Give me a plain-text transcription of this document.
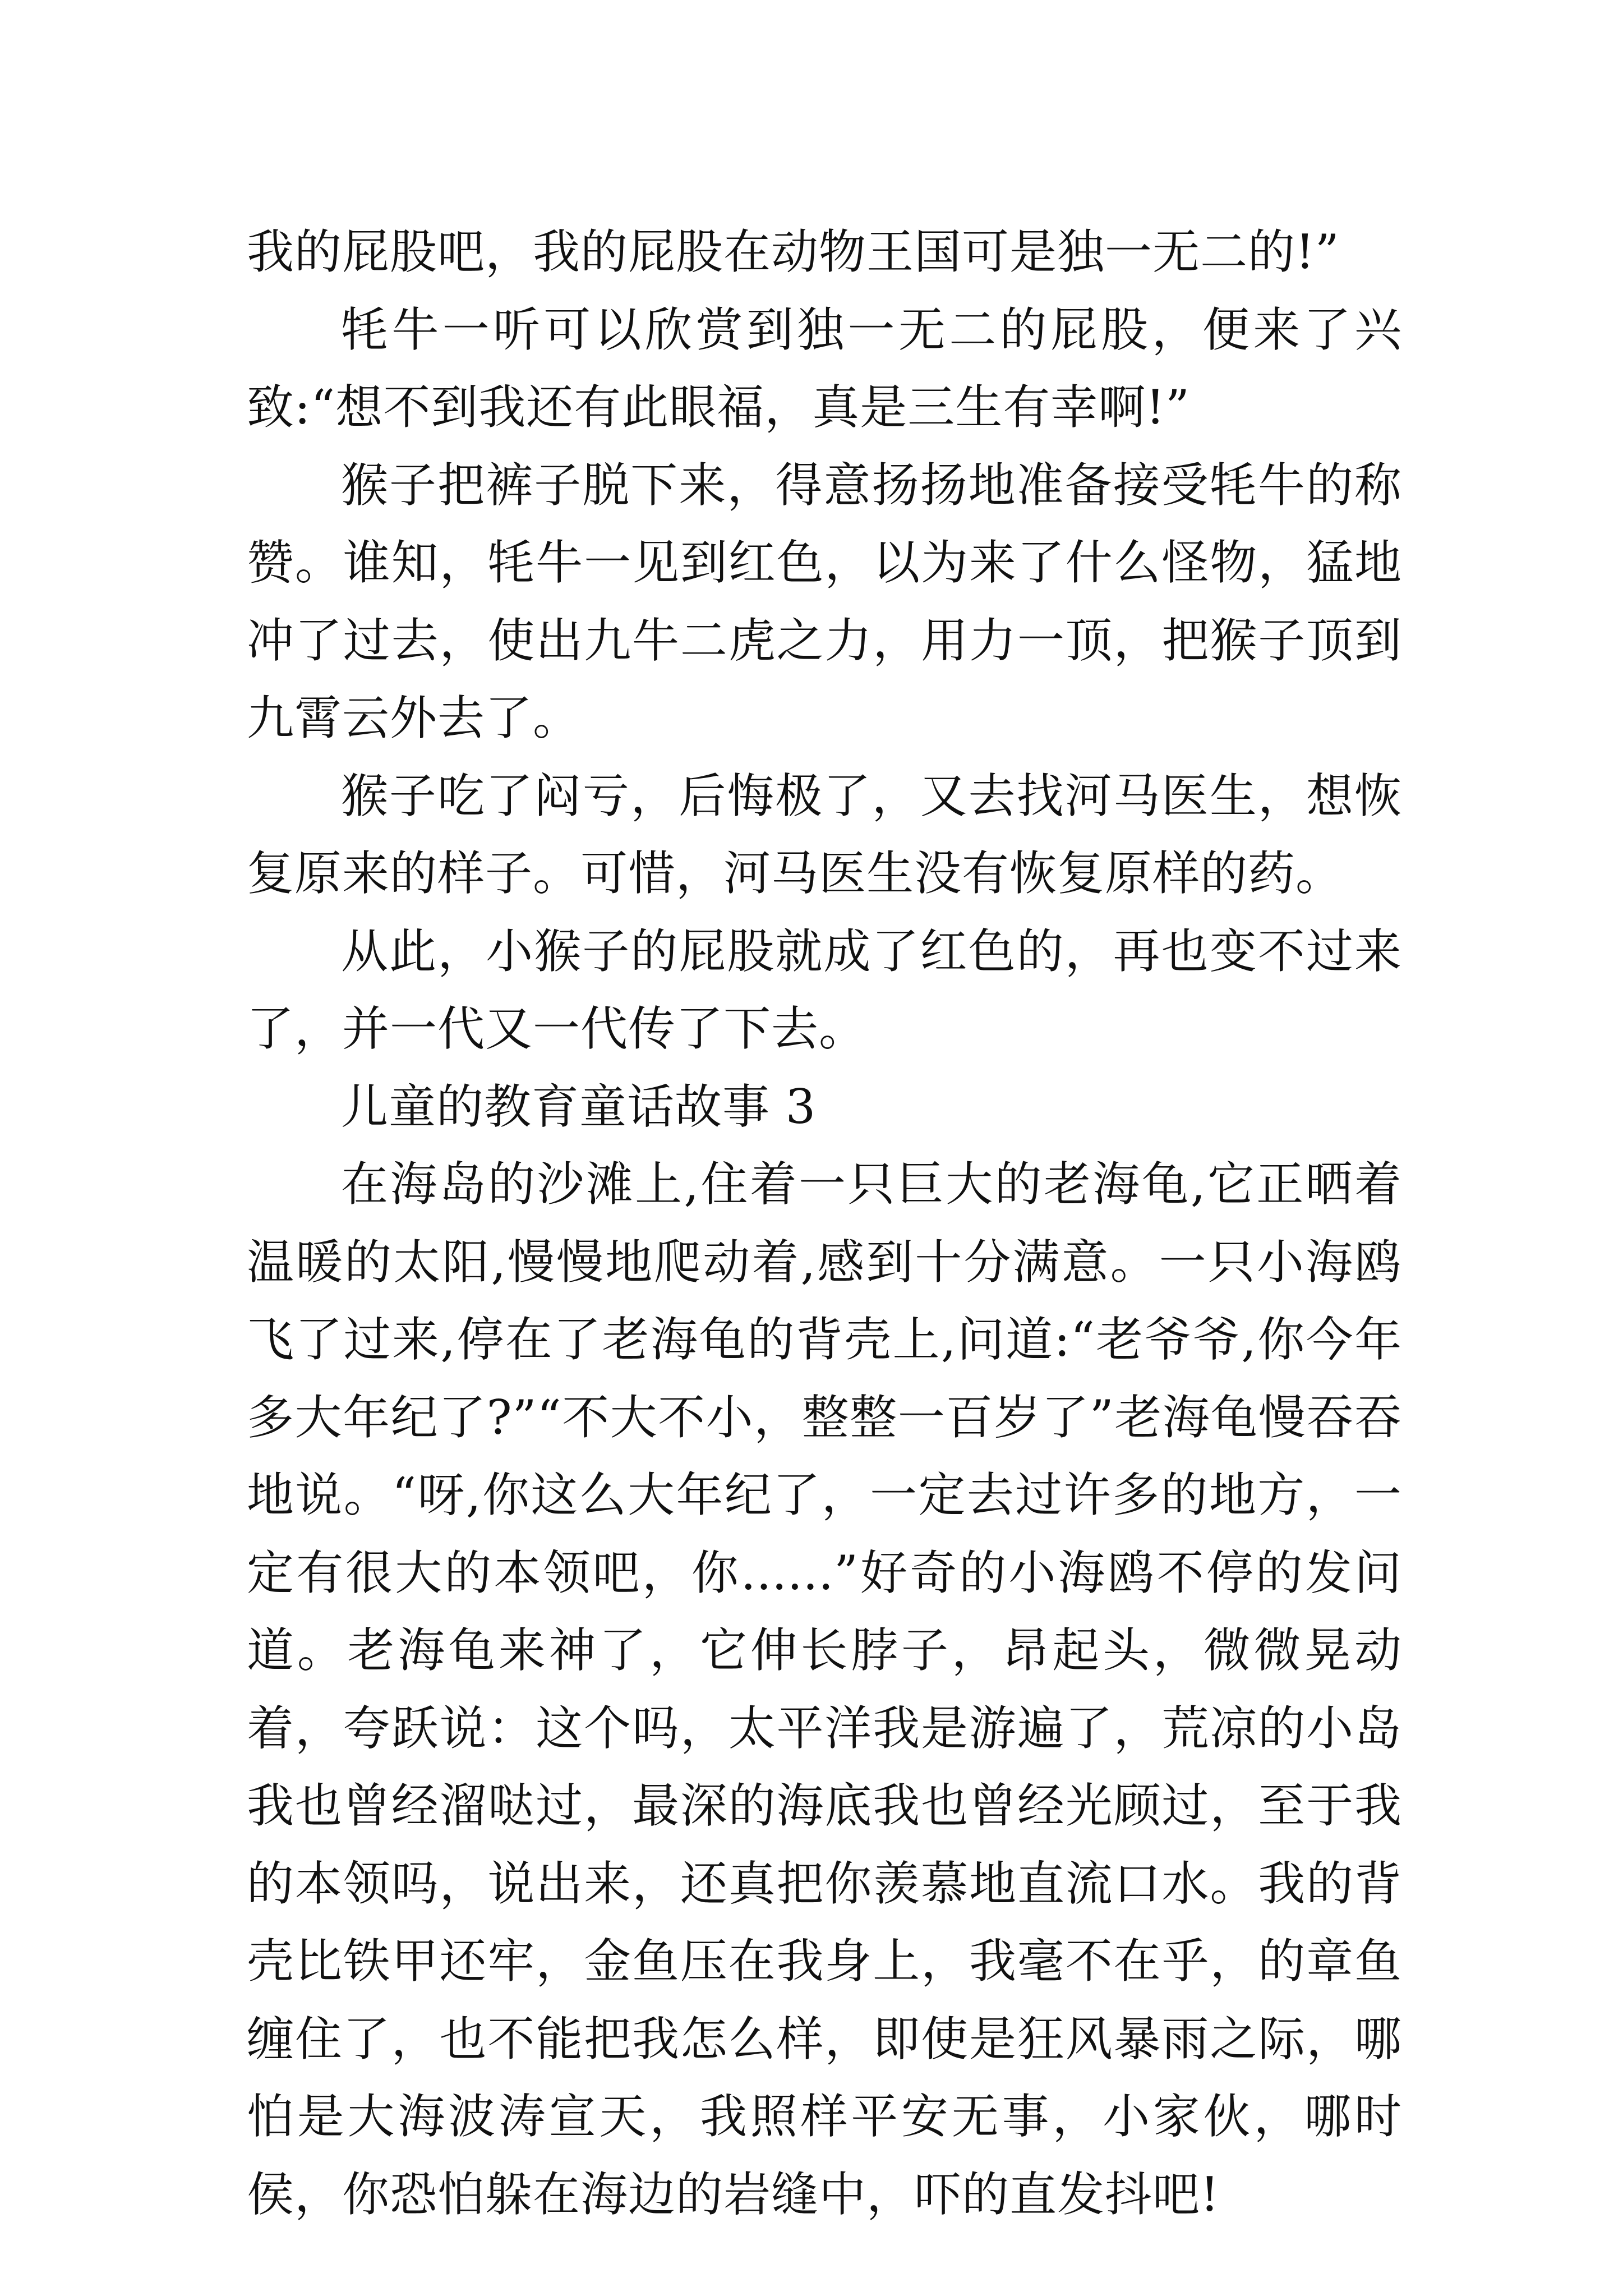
我的屁股吧，我的屁股在动物王国可是独一无二的!”

牦牛一听可以欣赏到独一无二的屁股，便来了兴致:“想不到我还有此眼福，真是三生有幸啊!”

猴子把裤子脱下来，得意扬扬地准备接受牦牛的称赞。谁知，牦牛一见到红色，以为来了什么怪物，猛地冲了过去，使出九牛二虎之力，用力一顶，把猴子顶到九霄云外去了。

猴子吃了闷亏，后悔极了，又去找河马医生，想恢复原来的样子。可惜，河马医生没有恢复原样的药。

从此，小猴子的屁股就成了红色的，再也变不过来了，并一代又一代传了下去。

儿童的教育童话故事 3

在海岛的沙滩上,住着一只巨大的老海龟,它正晒着温暖的太阳,慢慢地爬动着,感到十分满意。一只小海鸥飞了过来,停在了老海龟的背壳上,问道:“老爷爷,你今年多大年纪了?”“不大不小，整整一百岁了”老海龟慢吞吞地说。“呀,你这么大年纪了，一定去过许多的地方，一定有很大的本领吧，你......”好奇的小海鸥不停的发问道。老海龟来神了，它伸长脖子，昂起头，微微晃动着，夸跃说：这个吗，太平洋我是游遍了，荒凉的小岛我也曾经溜哒过，最深的海底我也曾经光顾过，至于我的本领吗，说出来，还真把你羡慕地直流口水。我的背壳比铁甲还牢，金鱼压在我身上，我毫不在乎，的章鱼缠住了，也不能把我怎么样，即使是狂风暴雨之际，哪怕是大海波涛宣天，我照样平安无事，小家伙，哪时侯，你恐怕躲在海边的岩缝中，吓的直发抖吧!
